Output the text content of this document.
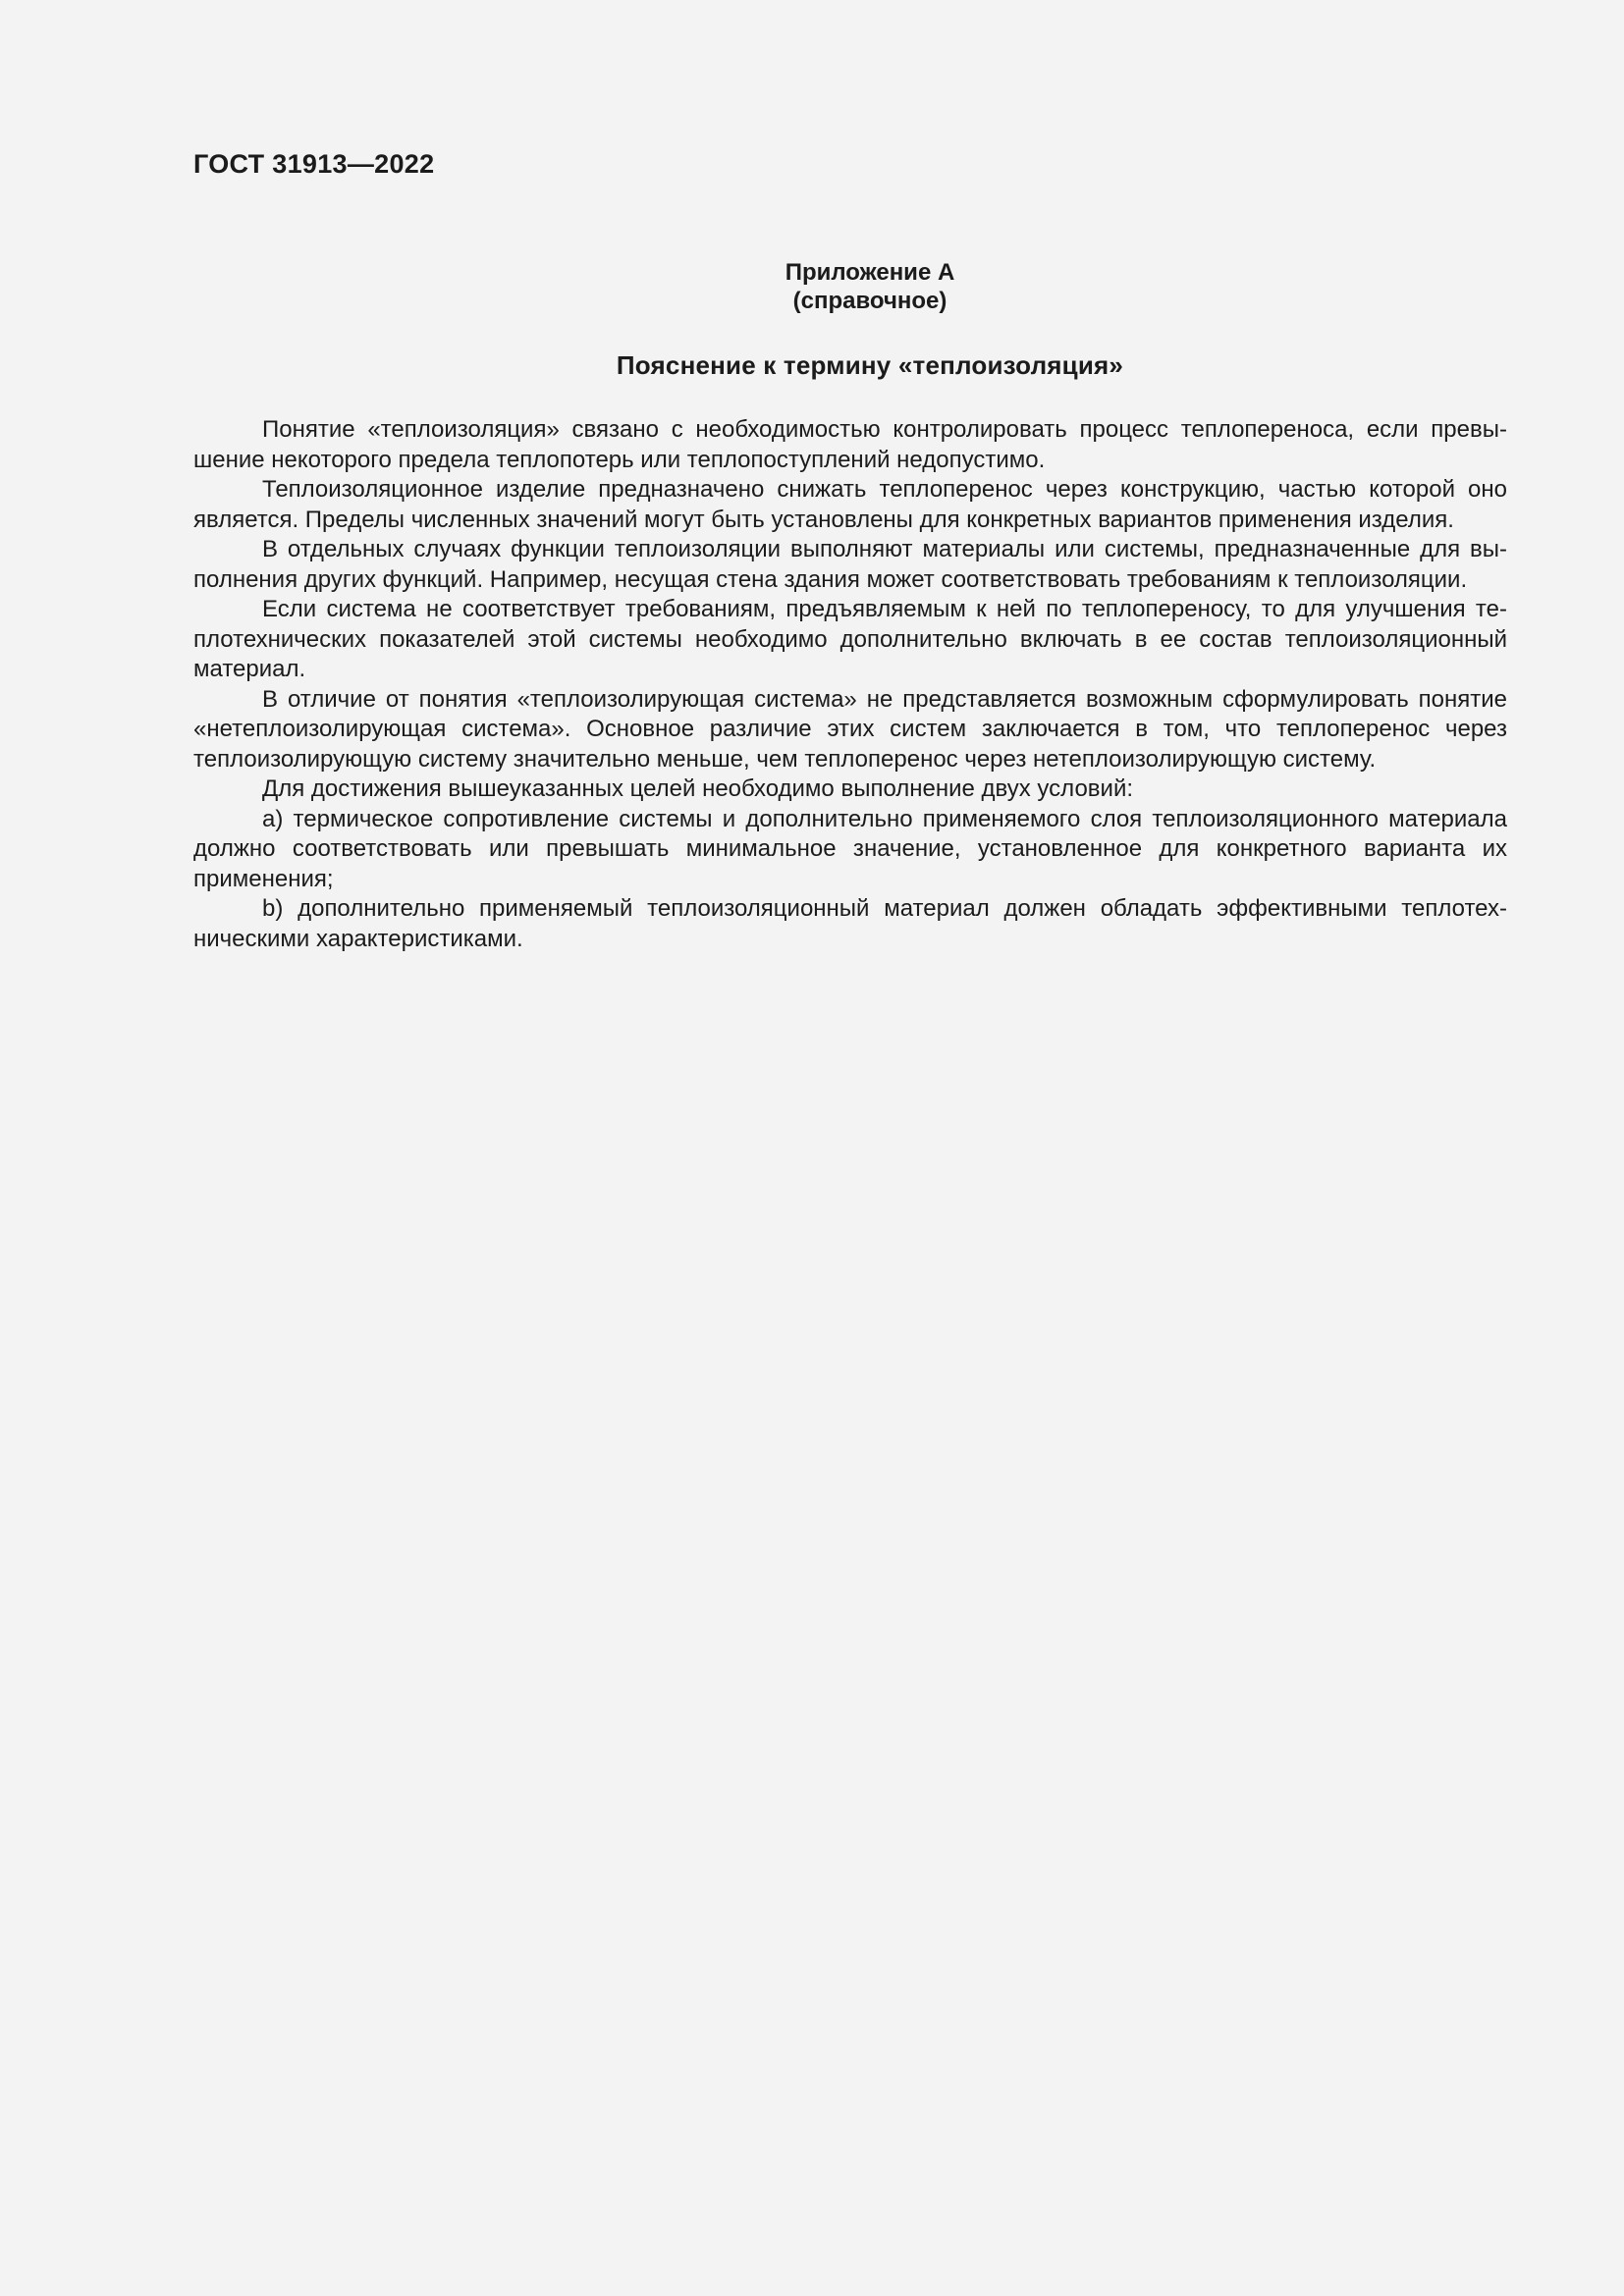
ГОСТ 31913—2022
Приложение А
(справочное)
Пояснение к термину «теплоизоляция»

Понятие «теплоизоляция» связано с необходимостью контролировать процесс теплопереноса, если превышение некоторого предела теплопотерь или теплопоступлений недопустимо.

Теплоизоляционное изделие предназначено снижать теплоперенос через конструкцию, частью которой оно является. Пределы численных значений могут быть установлены для конкретных вариантов применения изделия.

В отдельных случаях функции теплоизоляции выполняют материалы или системы, предназначенные для выполнения других функций. Например, несущая стена здания может соответствовать требованиям к теплоизоляции.

Если система не соответствует требованиям, предъявляемым к ней по теплопереносу, то для улучшения теплотехнических показателей этой системы необходимо дополнительно включать в ее состав теплоизоляционный материал.

В отличие от понятия «теплоизолирующая система» не представляется возможным сформулировать понятие «нетеплоизолирующая система». Основное различие этих систем заключается в том, что теплоперенос через теплоизолирующую систему значительно меньше, чем теплоперенос через нетеплоизолирующую систему.

Для достижения вышеуказанных целей необходимо выполнение двух условий:

а) термическое сопротивление системы и дополнительно применяемого слоя теплоизоляционного материала должно соответствовать или превышать минимальное значение, установленное для конкретного варианта их применения;

b) дополнительно применяемый теплоизоляционный материал должен обладать эффективными теплотехническими характеристиками.
